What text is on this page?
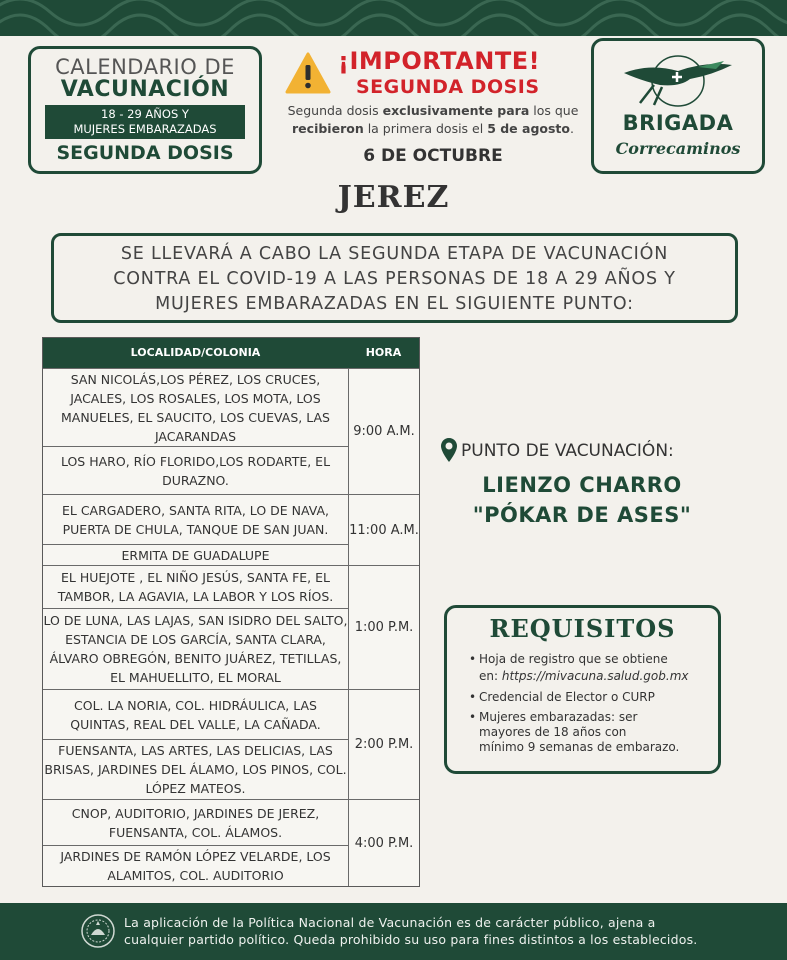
CALENDARIO DE
VACUNACIÓN
18 - 29 AÑOS Y
MUJERES EMBARAZADAS
SEGUNDA DOSIS
¡IMPORTANTE!
SEGUNDA DOSIS
Segunda dosis exclusivamente para los que
recibieron la primera dosis el 5 de agosto.
6 DE OCTUBRE
BRIGADA
Correcaminos
JEREZ
SE LLEVARÁ A CABO LA SEGUNDA ETAPA DE VACUNACIÓN
CONTRA EL COVID-19 A LAS PERSONAS DE 18 A 29 AÑOS Y
MUJERES EMBARAZADAS EN EL SIGUIENTE PUNTO:
LOCALIDAD/COLONIA	HORA
SAN NICOLÁS,LOS PÉREZ, LOS CRUCES, JACALES, LOS ROSALES, LOS MOTA, LOS MANUELES, EL SAUCITO, LOS CUEVAS, LAS JACARANDAS
LOS HARO, RÍO FLORIDO,LOS RODARTE, EL DURAZNO.
9:00 A.M.
EL CARGADERO, SANTA RITA, LO DE NAVA, PUERTA DE CHULA, TANQUE DE SAN JUAN.
ERMITA DE GUADALUPE
11:00 A.M.
EL HUEJOTE , EL NIÑO JESÚS, SANTA FE, EL TAMBOR, LA AGAVIA, LA LABOR Y LOS RÍOS.
LO DE LUNA, LAS LAJAS, SAN ISIDRO DEL SALTO, ESTANCIA DE LOS GARCÍA, SANTA CLARA, ÁLVARO OBREGÓN, BENITO JUÁREZ, TETILLAS, EL MAHUELLITO, EL MORAL
1:00 P.M.
COL. LA NORIA, COL. HIDRÁULICA, LAS QUINTAS, REAL DEL VALLE, LA CAÑADA.
FUENSANTA, LAS ARTES, LAS DELICIAS, LAS BRISAS, JARDINES DEL ÁLAMO, LOS PINOS, COL. LÓPEZ MATEOS.
2:00 P.M.
CNOP, AUDITORIO, JARDINES DE JEREZ, FUENSANTA, COL. ÁLAMOS.
JARDINES DE RAMÓN LÓPEZ VELARDE, LOS ALAMITOS, COL. AUDITORIO
4:00 P.M.
PUNTO DE VACUNACIÓN:
LIENZO CHARRO
"PÓKAR DE ASES"
REQUISITOS
• Hoja de registro que se obtiene
en: https://mivacuna.salud.gob.mx
• Credencial de Elector o CURP
• Mujeres embarazadas: ser
mayores de 18 años con
mínimo 9 semanas de embarazo.
La aplicación de la Política Nacional de Vacunación es de carácter público, ajena a
cualquier partido político. Queda prohibido su uso para fines distintos a los establecidos.
